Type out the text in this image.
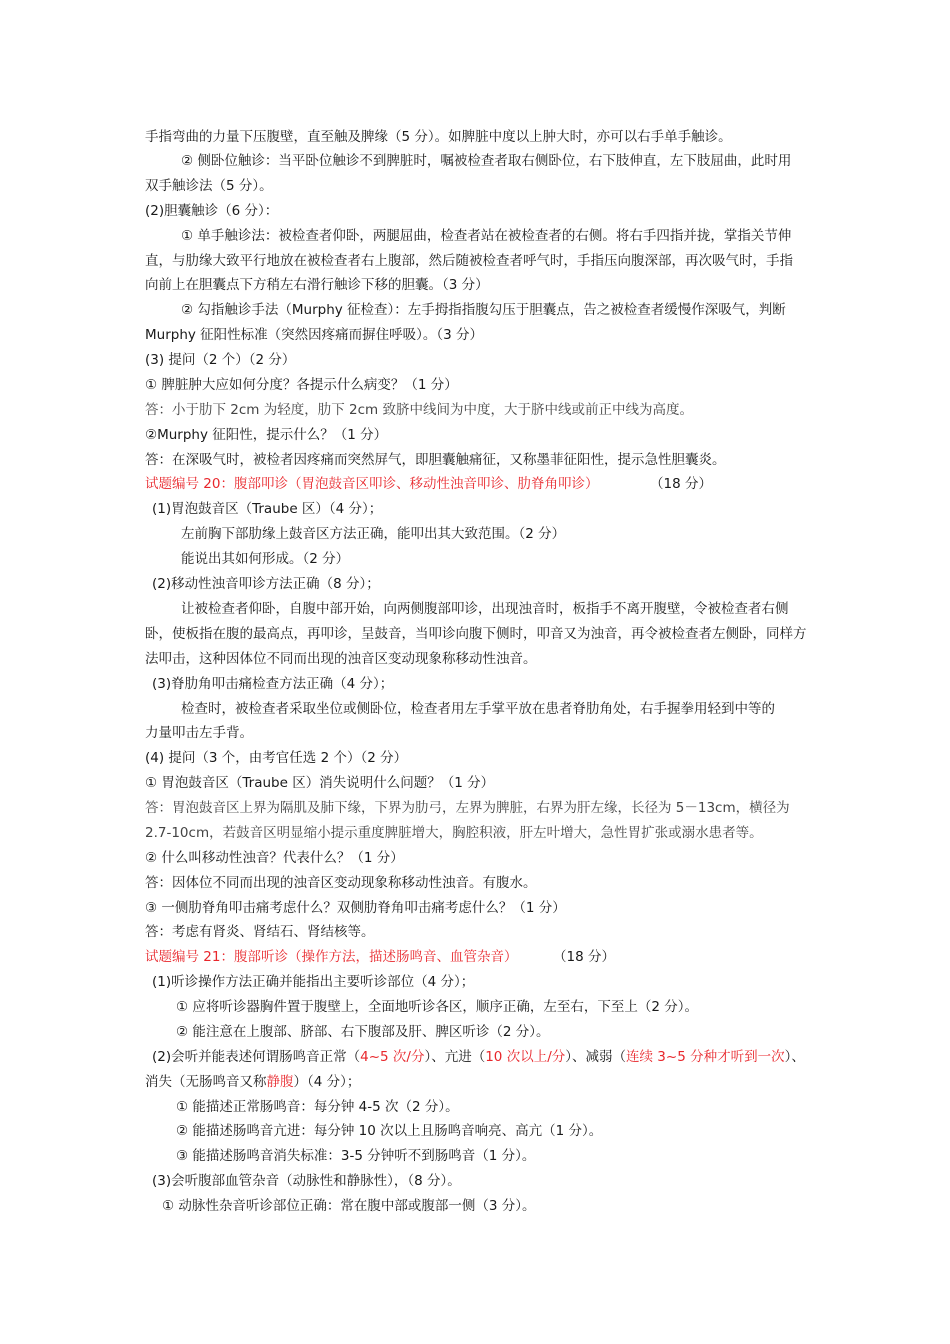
手指弯曲的力量下压腹壁，直至触及脾缘（5 分）。如脾脏中度以上肿大时，亦可以右手单手触诊。
② 侧卧位触诊：当平卧位触诊不到脾脏时，嘱被检查者取右侧卧位，右下肢伸直，左下肢屈曲，此时用
双手触诊法（5 分）。
(2)胆囊触诊（6 分）：
① 单手触诊法：被检查者仰卧，两腿屈曲，检查者站在被检查者的右侧。将右手四指并拢，掌指关节伸
直，与肋缘大致平行地放在被检查者右上腹部，然后随被检查者呼气时，手指压向腹深部，再次吸气时，手指
向前上在胆囊点下方稍左右滑行触诊下移的胆囊。（3 分）
② 勾指触诊手法（Murphy 征检查）：左手拇指指腹勾压于胆囊点，告之被检查者缓慢作深吸气，判断
Murphy 征阳性标准（突然因疼痛而摒住呼吸）。（3 分）
(3) 提问（2 个）（2 分）
① 脾脏肿大应如何分度？各提示什么病变？（1 分）
答：小于肋下 2cm 为轻度，肋下 2cm 致脐中线间为中度，大于脐中线或前正中线为高度。
②Murphy 征阳性，提示什么？（1 分）
答：在深吸气时，被检者因疼痛而突然屏气，即胆囊触痛征，又称墨菲征阳性，提示急性胆囊炎。
试题编号 20：腹部叩诊（胃泡鼓音区叩诊、移动性浊音叩诊、肋脊角叩诊）	（18 分）
(1)胃泡鼓音区（Traube 区）（4 分）；
左前胸下部肋缘上鼓音区方法正确，能叩出其大致范围。（2 分）
能说出其如何形成。（2 分）
(2)移动性浊音叩诊方法正确（8 分）；
让被检查者仰卧，自腹中部开始，向两侧腹部叩诊，出现浊音时，板指手不离开腹壁，令被检查者右侧
卧，使板指在腹的最高点，再叩诊，呈鼓音，当叩诊向腹下侧时，叩音又为浊音，再令被检查者左侧卧，同样方
法叩击，这种因体位不同而出现的浊音区变动现象称移动性浊音。
(3)脊肋角叩击痛检查方法正确（4 分）；
检查时，被检查者采取坐位或侧卧位，检查者用左手掌平放在患者脊肋角处，右手握拳用轻到中等的
力量叩击左手背。
(4) 提问（3 个，由考官任选 2 个）（2 分）
① 胃泡鼓音区（Traube 区）消失说明什么问题？（1 分）
答：胃泡鼓音区上界为隔肌及肺下缘，下界为肋弓，左界为脾脏，右界为肝左缘，长径为 5－13cm，横径为
2.7-10cm，若鼓音区明显缩小提示重度脾脏增大，胸腔积液，肝左叶增大，急性胃扩张或溺水患者等。
② 什么叫移动性浊音？代表什么？（1 分）
答：因体位不同而出现的浊音区变动现象称移动性浊音。有腹水。
③ 一侧肋脊角叩击痛考虑什么？双侧肋脊角叩击痛考虑什么？（1 分）
答：考虑有肾炎、肾结石、肾结核等。
试题编号 21：腹部听诊（操作方法，描述肠鸣音、血管杂音）	（18 分）
(1)听诊操作方法正确并能指出主要听诊部位（4 分）；
① 应将听诊器胸件置于腹壁上，全面地听诊各区，顺序正确，左至右，下至上（2 分）。
② 能注意在上腹部、脐部、右下腹部及肝、脾区听诊（2 分）。
(2)会听并能表述何谓肠鸣音正常（4~5 次/分）、亢进（10 次以上/分）、减弱（连续 3~5 分种才听到一次）、
消失（无肠鸣音又称静腹）（4 分）；
① 能描述正常肠鸣音：每分钟 4-5 次（2 分）。
② 能描述肠鸣音亢进：每分钟 10 次以上且肠鸣音响亮、高亢（1 分）。
③ 能描述肠鸣音消失标准：3-5 分钟听不到肠鸣音（1 分）。
(3)会听腹部血管杂音（动脉性和静脉性），（8 分）。
① 动脉性杂音听诊部位正确：常在腹中部或腹部一侧（3 分）。
